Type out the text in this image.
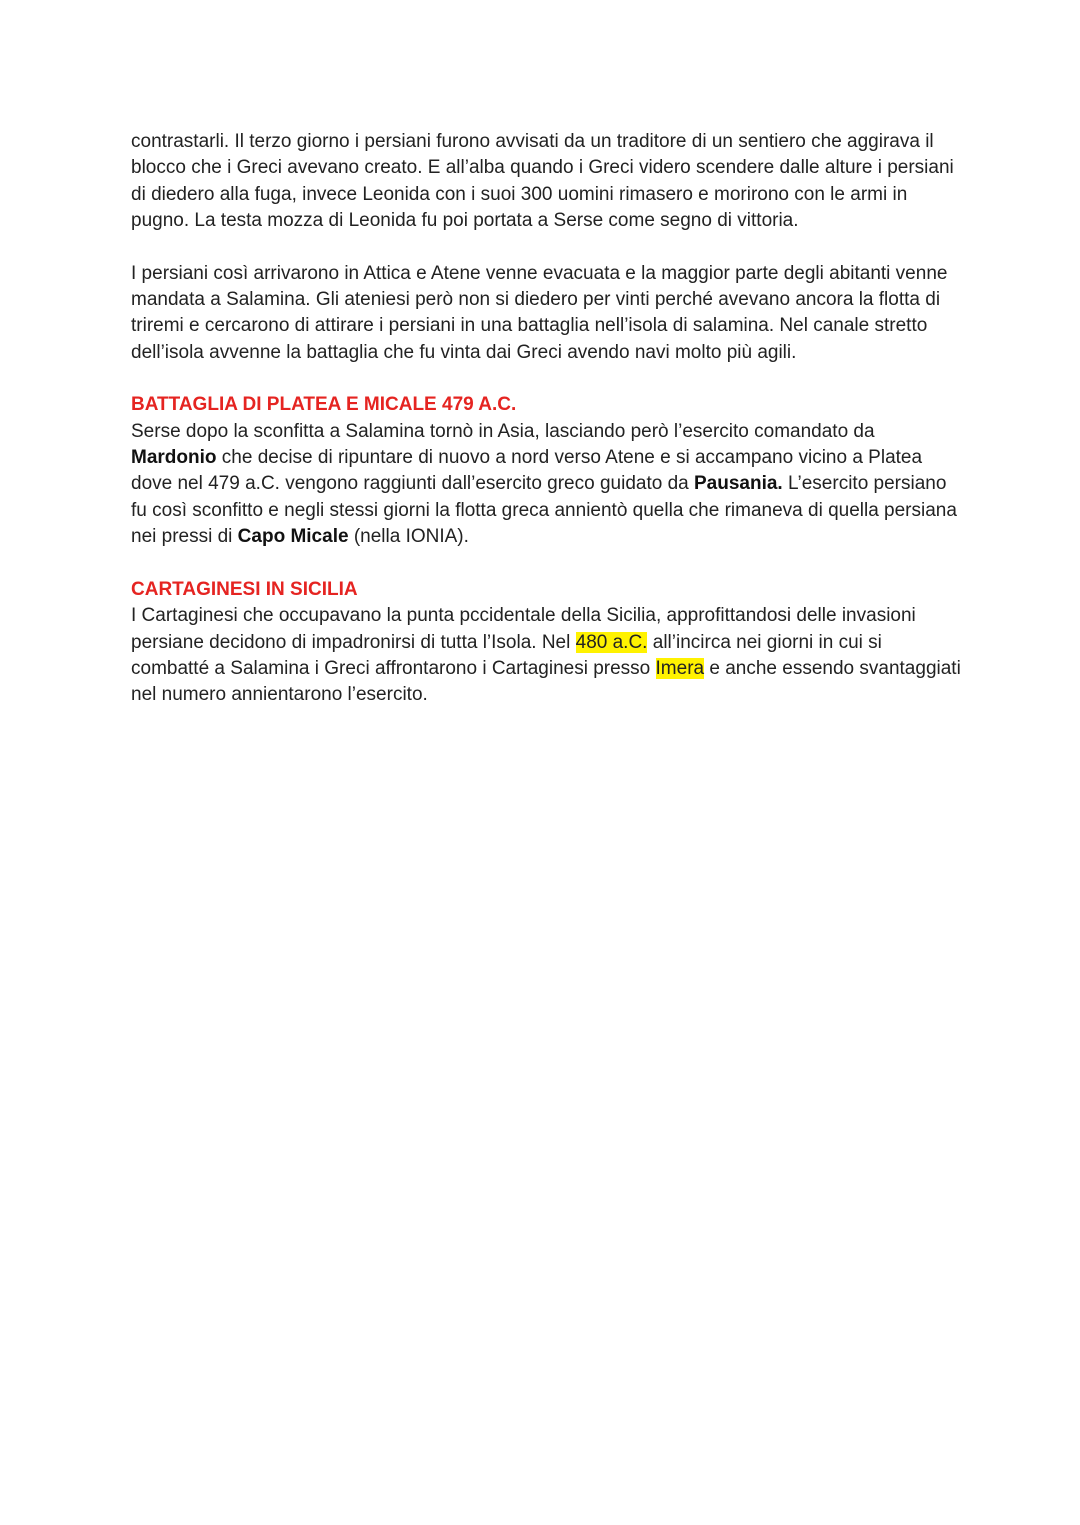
contrastarli. Il terzo giorno i persiani furono avvisati da un traditore di un sentiero che aggirava il blocco che i Greci avevano creato. E all’alba quando i Greci videro scendere dalle alture i persiani di diedero alla fuga, invece Leonida con i suoi 300 uomini rimasero e morirono con le armi in pugno. La testa mozza di Leonida fu poi portata a Serse come segno di vittoria.

I persiani così arrivarono in Attica e Atene venne evacuata e la maggior parte degli abitanti venne mandata a Salamina. Gli ateniesi però non si diedero per vinti perché avevano ancora la flotta di triremi e cercarono di attirare i persiani in una battaglia nell’isola di salamina. Nel canale stretto dell’isola avvenne la battaglia che fu vinta dai Greci avendo navi molto più agili.

BATTAGLIA DI PLATEA E MICALE 479 A.C.
Serse dopo la sconfitta a Salamina tornò in Asia, lasciando però l’esercito comandato da Mardonio che decise di ripuntare di nuovo a nord verso Atene e si accampano vicino a Platea dove nel 479 a.C. vengono raggiunti dall’esercito greco guidato da Pausania. L’esercito persiano fu così sconfitto e negli stessi giorni la flotta greca annientò quella che rimaneva di quella persiana nei pressi di Capo Micale (nella IONIA).

CARTAGINESI IN SICILIA
I Cartaginesi che occupavano la punta pccidentale della Sicilia, approfittandosi delle invasioni persiane decidono di impadronirsi di tutta l’Isola. Nel 480 a.C. all’incirca nei giorni in cui si combatté a Salamina i Greci affrontarono i Cartaginesi presso Imera e anche essendo svantaggiati nel numero annientarono l’esercito.
